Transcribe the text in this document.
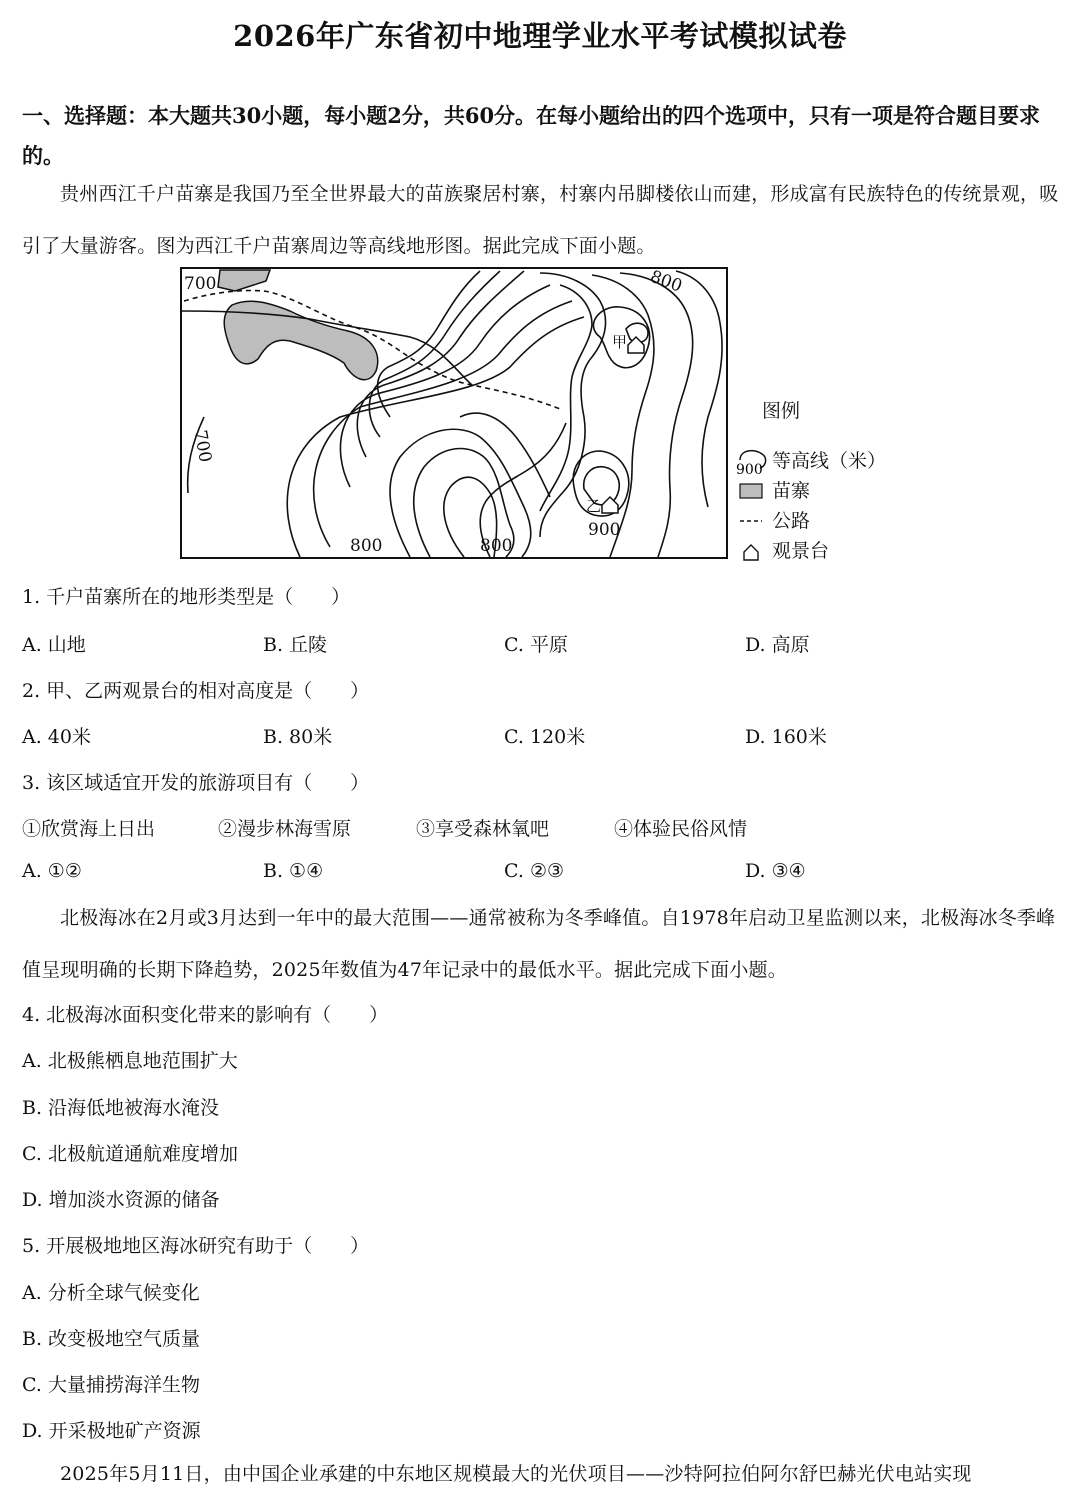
2026年广东省初中地理学业水平考试模拟试卷
一、选择题：本大题共30小题，每小题2分，共60分。在每小题给出的四个选项中，只有一项是符合题目要求的。
贵州西江千户苗寨是我国乃至全世界最大的苗族聚居村寨，村寨内吊脚楼依山而建，形成富有民族特色的传统景观，吸引了大量游客。图为西江千户苗寨周边等高线地形图。据此完成下面小题。
700
700
800	800
800
900
甲
乙
图例
900 等高线（米）
苗寨
公路
观景台
1. 千户苗寨所在的地形类型是（　　）
A. 山地	B. 丘陵	C. 平原	D. 高原
2. 甲、乙两观景台的相对高度是（　　）
A. 40米	B. 80米	C. 120米	D. 160米
3. 该区域适宜开发的旅游项目有（　　）
①欣赏海上日出	②漫步林海雪原	③享受森林氧吧	④体验民俗风情
A. ①②	B. ①④	C. ②③	D. ③④
北极海冰在2月或3月达到一年中的最大范围——通常被称为冬季峰值。自1978年启动卫星监测以来，北极海冰冬季峰值呈现明确的长期下降趋势，2025年数值为47年记录中的最低水平。据此完成下面小题。
4. 北极海冰面积变化带来的影响有（　　）
A. 北极熊栖息地范围扩大
B. 沿海低地被海水淹没
C. 北极航道通航难度增加
D. 增加淡水资源的储备
5. 开展极地地区海冰研究有助于（　　）
A. 分析全球气候变化
B. 改变极地空气质量
C. 大量捕捞海洋生物
D. 开采极地矿产资源
2025年5月11日，由中国企业承建的中东地区规模最大的光伏项目——沙特阿拉伯阿尔舒巴赫光伏电站实现
